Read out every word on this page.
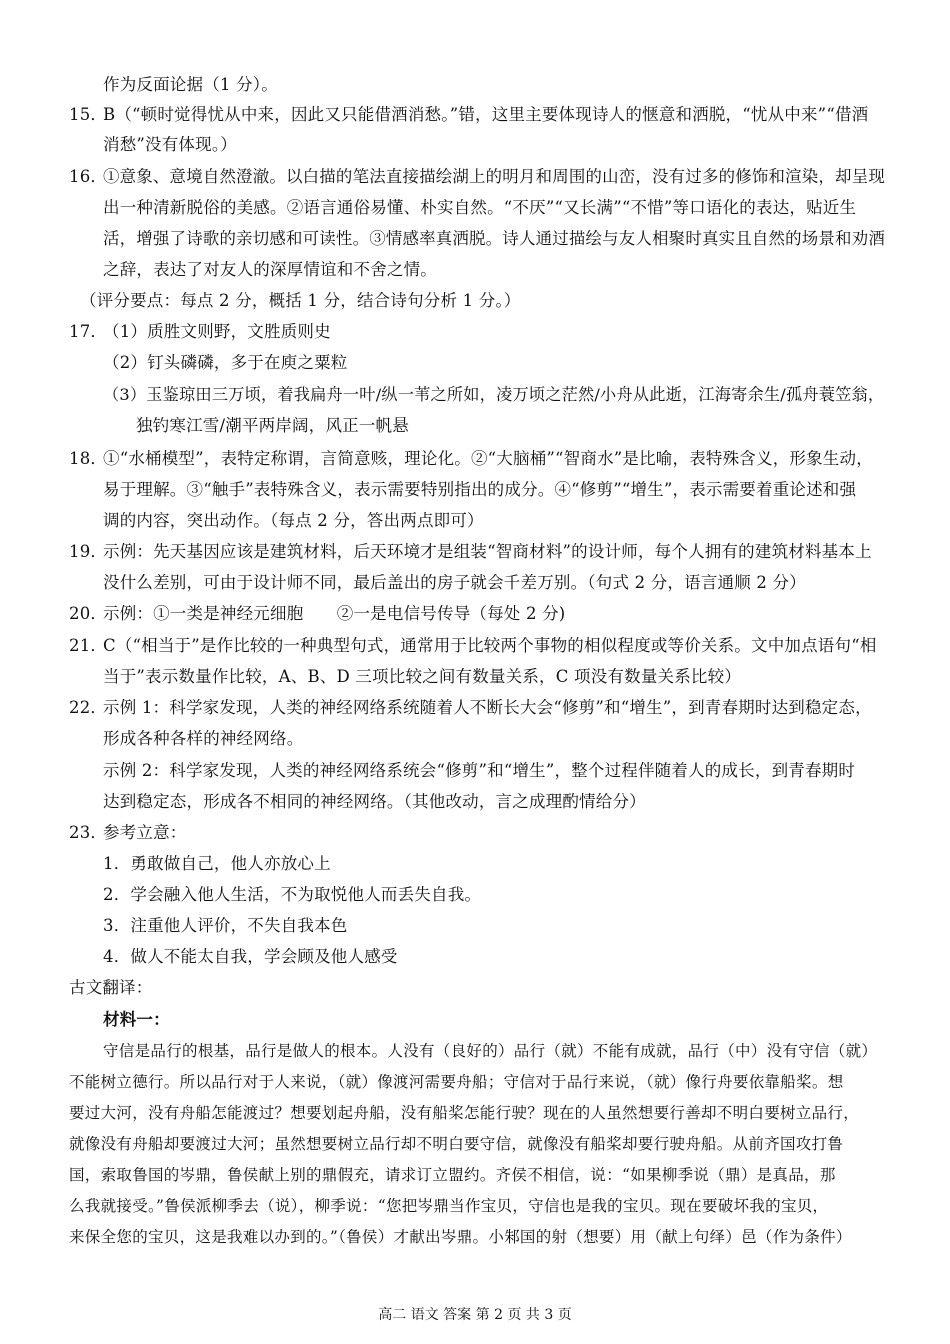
作为反面论据（1 分）。
15．
B（“顿时觉得忧从中来，因此又只能借酒消愁。”错，这里主要体现诗人的惬意和洒脱，“忧从中来”“借酒
消愁”没有体现。）
16．
①意象、意境自然澄澈。以白描的笔法直接描绘湖上的明月和周围的山峦，没有过多的修饰和渲染，却呈现
出一种清新脱俗的美感。②语言通俗易懂、朴实自然。“不厌”“又长满”“不惜”等口语化的表达，贴近生
活，增强了诗歌的亲切感和可读性。③情感率真洒脱。诗人通过描绘与友人相聚时真实且自然的场景和劝酒
之辞，表达了对友人的深厚情谊和不舍之情。
（评分要点：每点 2 分，概括 1 分，结合诗句分析 1 分。）
17．
（1）质胜文则野，文胜质则史
（2）钉头磷磷，多于在庾之粟粒
（3）玉鉴琼田三万顷，着我扁舟一叶/纵一苇之所如，凌万顷之茫然/小舟从此逝，江海寄余生/孤舟蓑笠翁，
独钓寒江雪/潮平两岸阔，风正一帆悬
18．
①“水桶模型”，表特定称谓，言简意赅，理论化。②“大脑桶”“智商水”是比喻，表特殊含义，形象生动，
易于理解。③“触手”表特殊含义，表示需要特别指出的成分。④“修剪”“增生”，表示需要着重论述和强
调的内容，突出动作。（每点 2 分，答出两点即可）
19．
示例：先天基因应该是建筑材料，后天环境才是组装“智商材料”的设计师，每个人拥有的建筑材料基本上
没什么差别，可由于设计师不同，最后盖出的房子就会千差万别。（句式 2 分，语言通顺 2 分）
20．
示例：①一类是神经元细胞　　②一是电信号传导（每处 2 分)
21．
C（“相当于”是作比较的一种典型句式，通常用于比较两个事物的相似程度或等价关系。文中加点语句“相
当于”表示数量作比较，A、B、D 三项比较之间有数量关系，C 项没有数量关系比较）
22．
示例 1：科学家发现，人类的神经网络系统随着人不断长大会“修剪”和“增生”，到青春期时达到稳定态，
形成各种各样的神经网络。
示例 2：科学家发现，人类的神经网络系统会“修剪”和“增生”，整个过程伴随着人的成长，到青春期时
达到稳定态，形成各不相同的神经网络。（其他改动，言之成理酌情给分）
23．
参考立意：
1．勇敢做自己，他人亦放心上
2．学会融入他人生活，不为取悦他人而丢失自我。
3．注重他人评价，不失自我本色
4．做人不能太自我，学会顾及他人感受
古文翻译：
材料一：
守信是品行的根基，品行是做人的根本。人没有（良好的）品行（就）不能有成就，品行（中）没有守信（就）
不能树立德行。所以品行对于人来说，（就）像渡河需要舟船；守信对于品行来说，（就）像行舟要依靠船桨。想
要过大河，没有舟船怎能渡过？想要划起舟船，没有船桨怎能行驶？现在的人虽然想要行善却不明白要树立品行，
就像没有舟船却要渡过大河；虽然想要树立品行却不明白要守信，就像没有船桨却要行驶舟船。从前齐国攻打鲁
国，索取鲁国的岑鼎，鲁侯献上别的鼎假充，请求订立盟约。齐侯不相信，说：“如果柳季说（鼎）是真品，那
么我就接受。”鲁侯派柳季去（说），柳季说：“您把岑鼎当作宝贝，守信也是我的宝贝。现在要破坏我的宝贝，
来保全您的宝贝，这是我难以办到的。”（鲁侯）才献出岑鼎。小邾国的射（想要）用（献上句绎）邑（作为条件）
高二 语文 答案 第 2 页 共 3 页
